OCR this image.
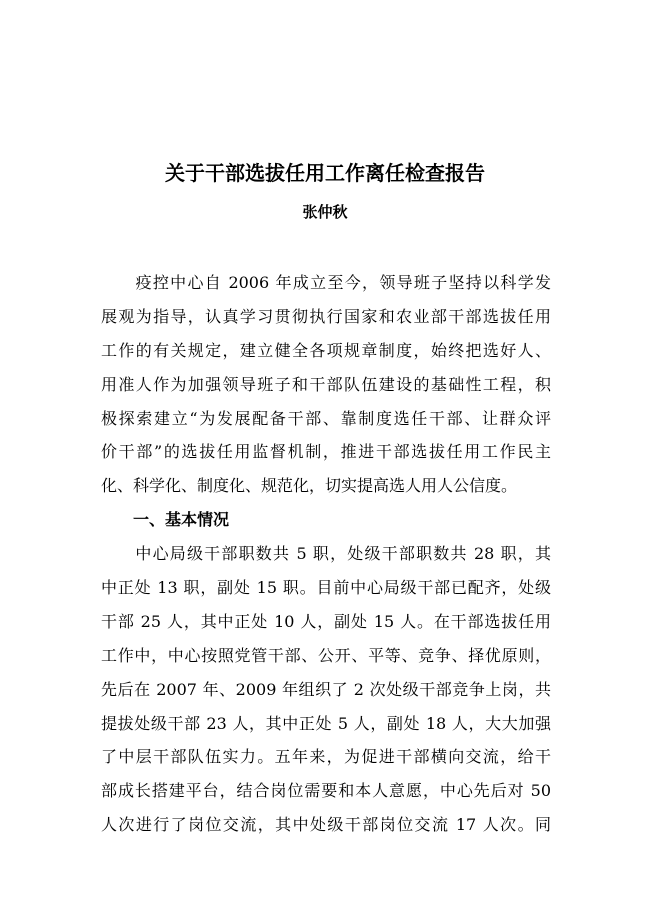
关于干部选拔任用工作离任检查报告
张仲秋
　　疫控中心自 2006 年成立至今，领导班子坚持以科学发
展观为指导，认真学习贯彻执行国家和农业部干部选拔任用
工作的有关规定，建立健全各项规章制度，始终把选好人、
用准人作为加强领导班子和干部队伍建设的基础性工程，积
极探索建立“为发展配备干部、靠制度选任干部、让群众评
价干部”的选拔任用监督机制，推进干部选拔任用工作民主
化、科学化、制度化、规范化，切实提高选人用人公信度。
一、基本情况
　　中心局级干部职数共 5 职，处级干部职数共 28 职，其
中正处 13 职，副处 15 职。目前中心局级干部已配齐，处级
干部 25 人，其中正处 10 人，副处 15 人。在干部选拔任用
工作中，中心按照党管干部、公开、平等、竞争、择优原则，
先后在 2007 年、2009 年组织了 2 次处级干部竞争上岗，共
提拔处级干部 23 人，其中正处 5 人，副处 18 人，大大加强
了中层干部队伍实力。五年来，为促进干部横向交流，给干
部成长搭建平台，结合岗位需要和本人意愿，中心先后对 50
人次进行了岗位交流，其中处级干部岗位交流 17 人次。同
